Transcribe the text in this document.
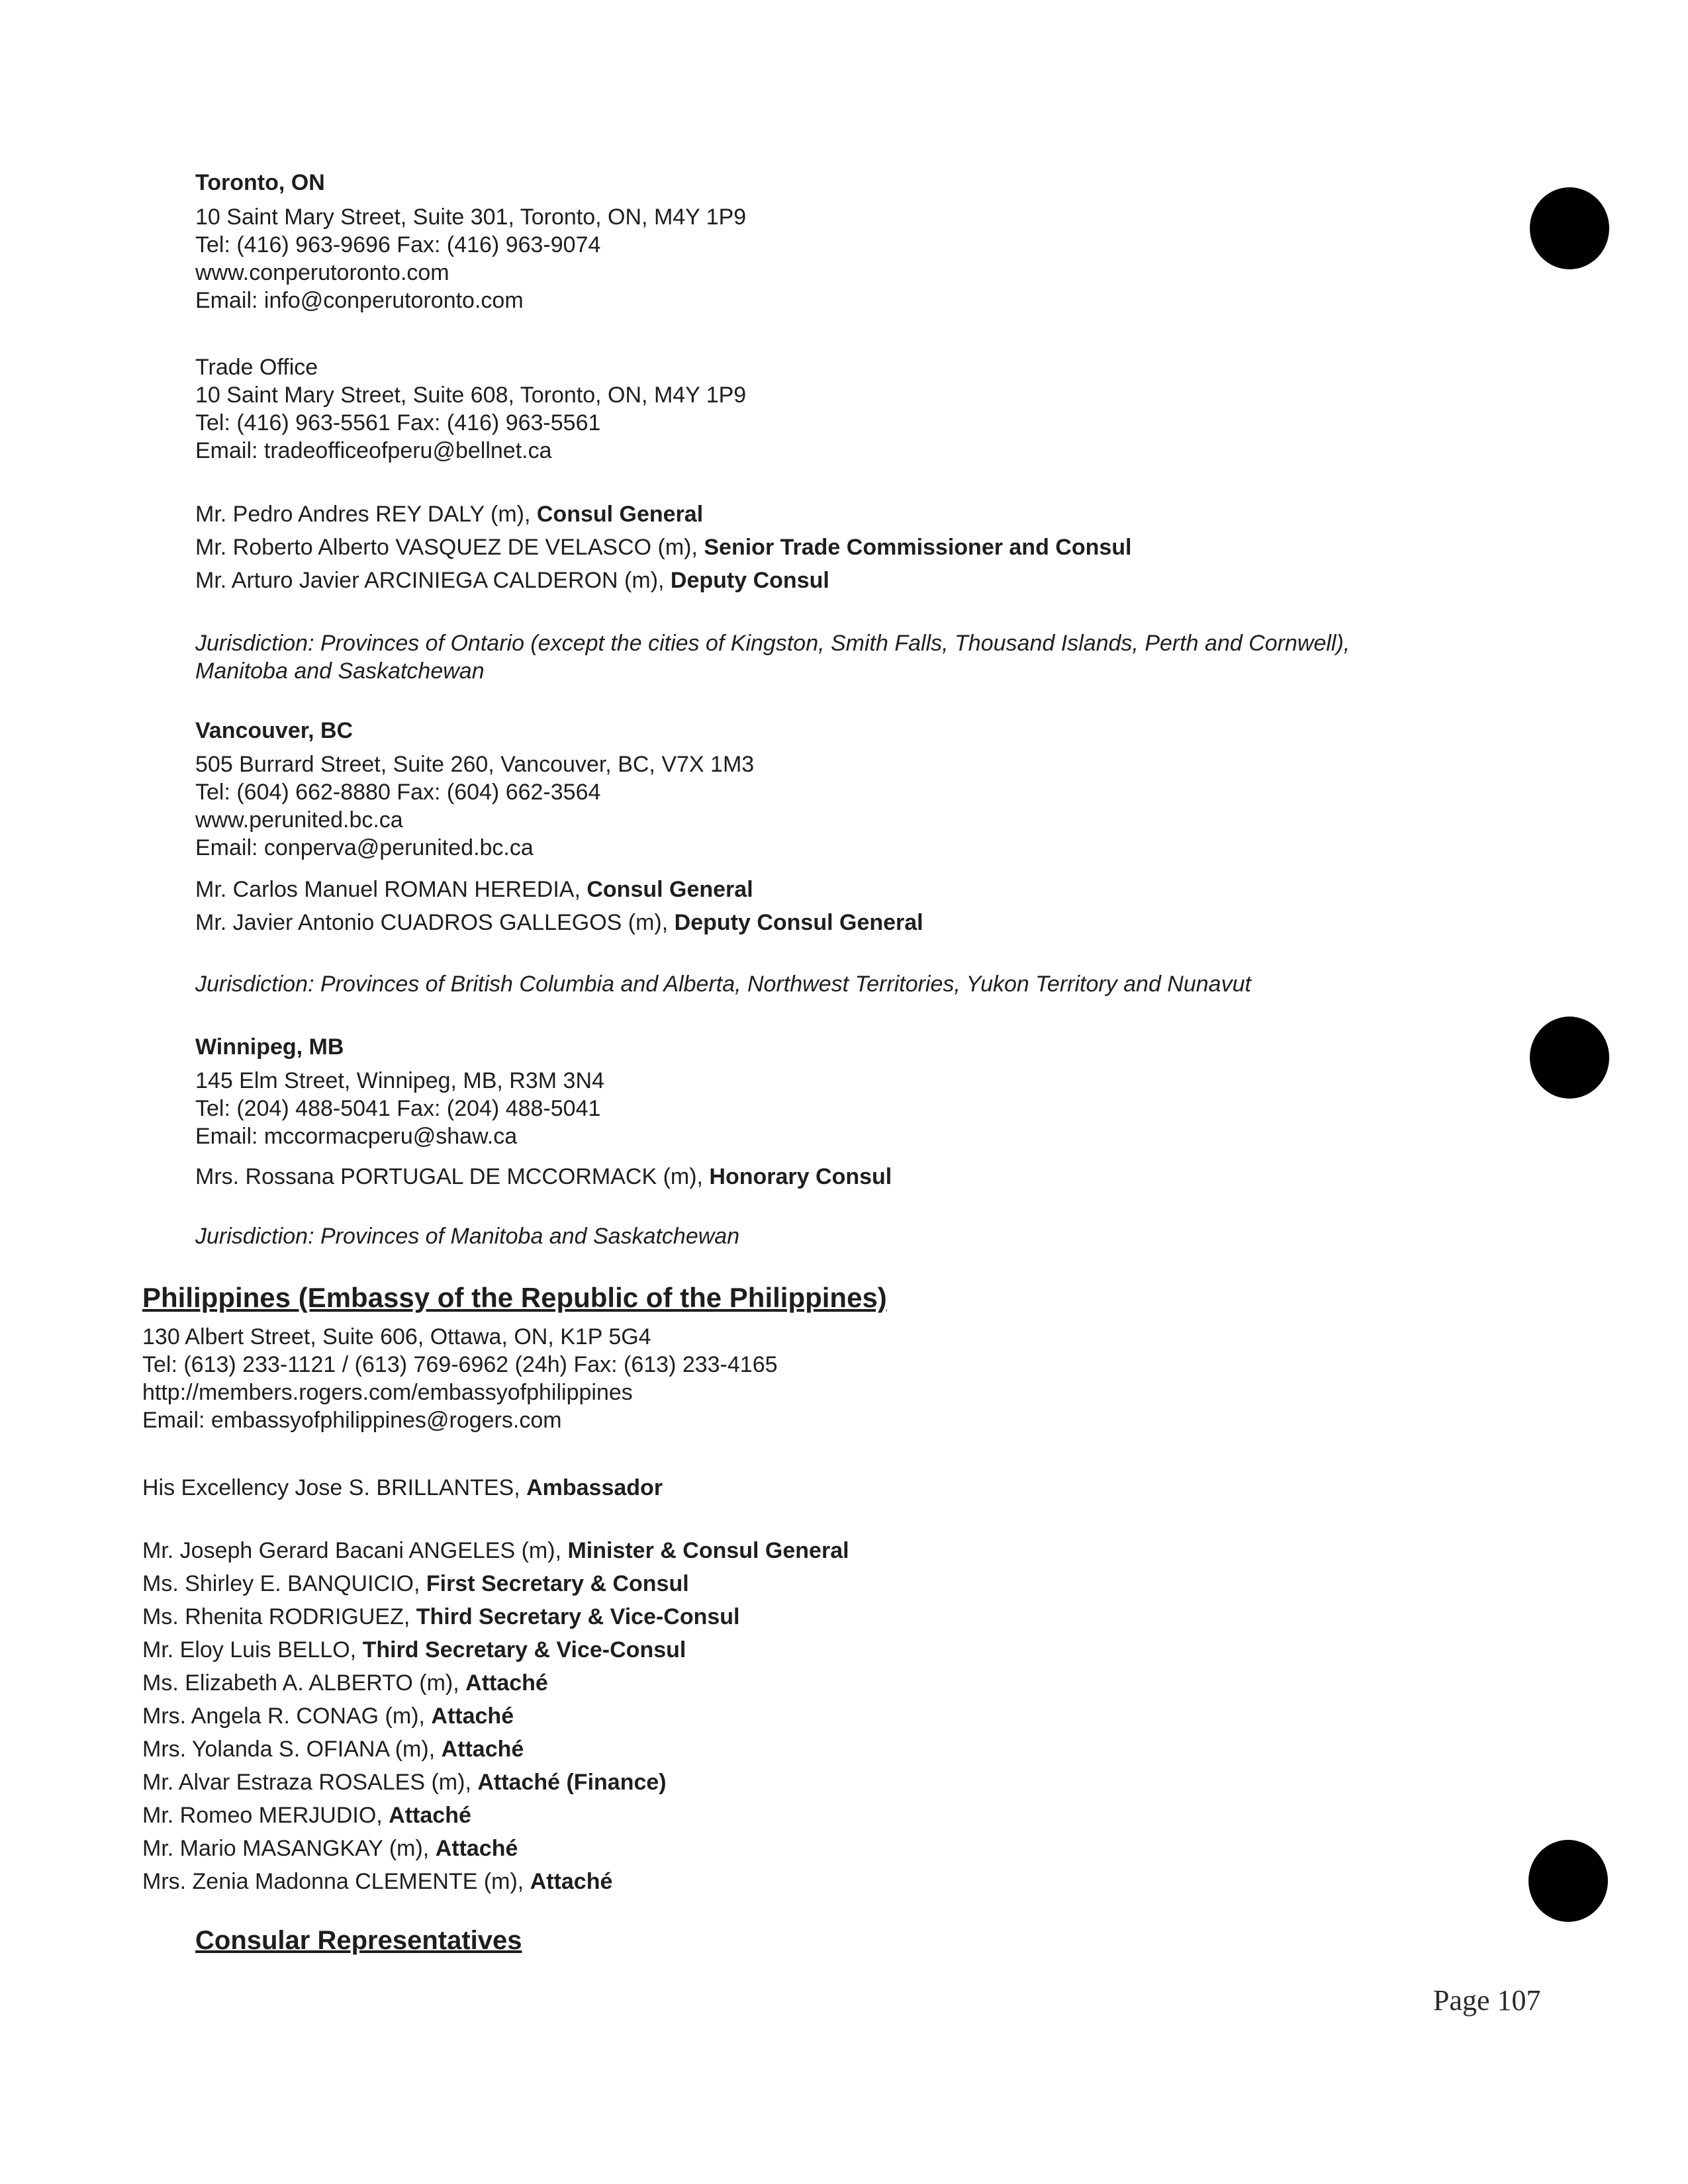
Toronto, ON
10 Saint Mary Street, Suite 301, Toronto, ON, M4Y 1P9
Tel: (416) 963-9696 Fax: (416) 963-9074
www.conperutoronto.com
Email: info@conperutoronto.com
Trade Office
10 Saint Mary Street, Suite 608, Toronto, ON, M4Y 1P9
Tel: (416) 963-5561 Fax: (416) 963-5561
Email: tradeofficeofperu@bellnet.ca
Mr. Pedro Andres REY DALY (m), Consul General
Mr. Roberto Alberto VASQUEZ DE VELASCO (m), Senior Trade Commissioner and Consul
Mr. Arturo Javier ARCINIEGA CALDERON (m), Deputy Consul
Jurisdiction: Provinces of Ontario (except the cities of Kingston, Smith Falls, Thousand Islands, Perth and Cornwell),
Manitoba and Saskatchewan
Vancouver, BC
505 Burrard Street, Suite 260, Vancouver, BC, V7X 1M3
Tel: (604) 662-8880 Fax: (604) 662-3564
www.perunited.bc.ca
Email: conperva@perunited.bc.ca
Mr. Carlos Manuel ROMAN HEREDIA, Consul General
Mr. Javier Antonio CUADROS GALLEGOS (m), Deputy Consul General
Jurisdiction: Provinces of British Columbia and Alberta, Northwest Territories, Yukon Territory and Nunavut
Winnipeg, MB
145 Elm Street, Winnipeg, MB, R3M 3N4
Tel: (204) 488-5041 Fax: (204) 488-5041
Email: mccormacperu@shaw.ca
Mrs. Rossana PORTUGAL DE MCCORMACK (m), Honorary Consul
Jurisdiction: Provinces of Manitoba and Saskatchewan
Philippines (Embassy of the Republic of the Philippines)
130 Albert Street, Suite 606, Ottawa, ON, K1P 5G4
Tel: (613) 233-1121 / (613) 769-6962 (24h) Fax: (613) 233-4165
http://members.rogers.com/embassyofphilippines
Email: embassyofphilippines@rogers.com
His Excellency Jose S. BRILLANTES, Ambassador
Mr. Joseph Gerard Bacani ANGELES (m), Minister & Consul General
Ms. Shirley E. BANQUICIO, First Secretary & Consul
Ms. Rhenita RODRIGUEZ, Third Secretary & Vice-Consul
Mr. Eloy Luis BELLO, Third Secretary & Vice-Consul
Ms. Elizabeth A. ALBERTO (m), Attaché
Mrs. Angela R. CONAG (m), Attaché
Mrs. Yolanda S. OFIANA (m), Attaché
Mr. Alvar Estraza ROSALES (m), Attaché (Finance)
Mr. Romeo MERJUDIO, Attaché
Mr. Mario MASANGKAY (m), Attaché
Mrs. Zenia Madonna CLEMENTE (m), Attaché
Consular Representatives
Page 107
